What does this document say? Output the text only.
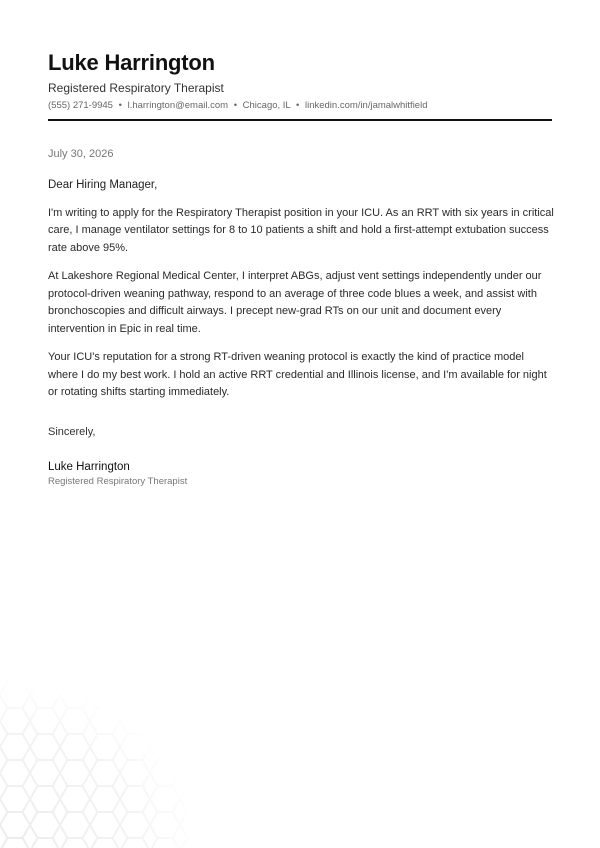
Luke Harrington
Registered Respiratory Therapist
(555) 271-9945 • l.harrington@email.com • Chicago, IL • linkedin.com/in/jamalwhitfield

July 30, 2026

Dear Hiring Manager,

I'm writing to apply for the Respiratory Therapist position in your ICU. As an RRT with six years in critical care, I manage ventilator settings for 8 to 10 patients a shift and hold a first-attempt extubation success rate above 95%.

At Lakeshore Regional Medical Center, I interpret ABGs, adjust vent settings independently under our protocol-driven weaning pathway, respond to an average of three code blues a week, and assist with bronchoscopies and difficult airways. I precept new-grad RTs on our unit and document every intervention in Epic in real time.

Your ICU's reputation for a strong RT-driven weaning protocol is exactly the kind of practice model where I do my best work. I hold an active RRT credential and Illinois license, and I'm available for night or rotating shifts starting immediately.

Sincerely,

Luke Harrington
Registered Respiratory Therapist
